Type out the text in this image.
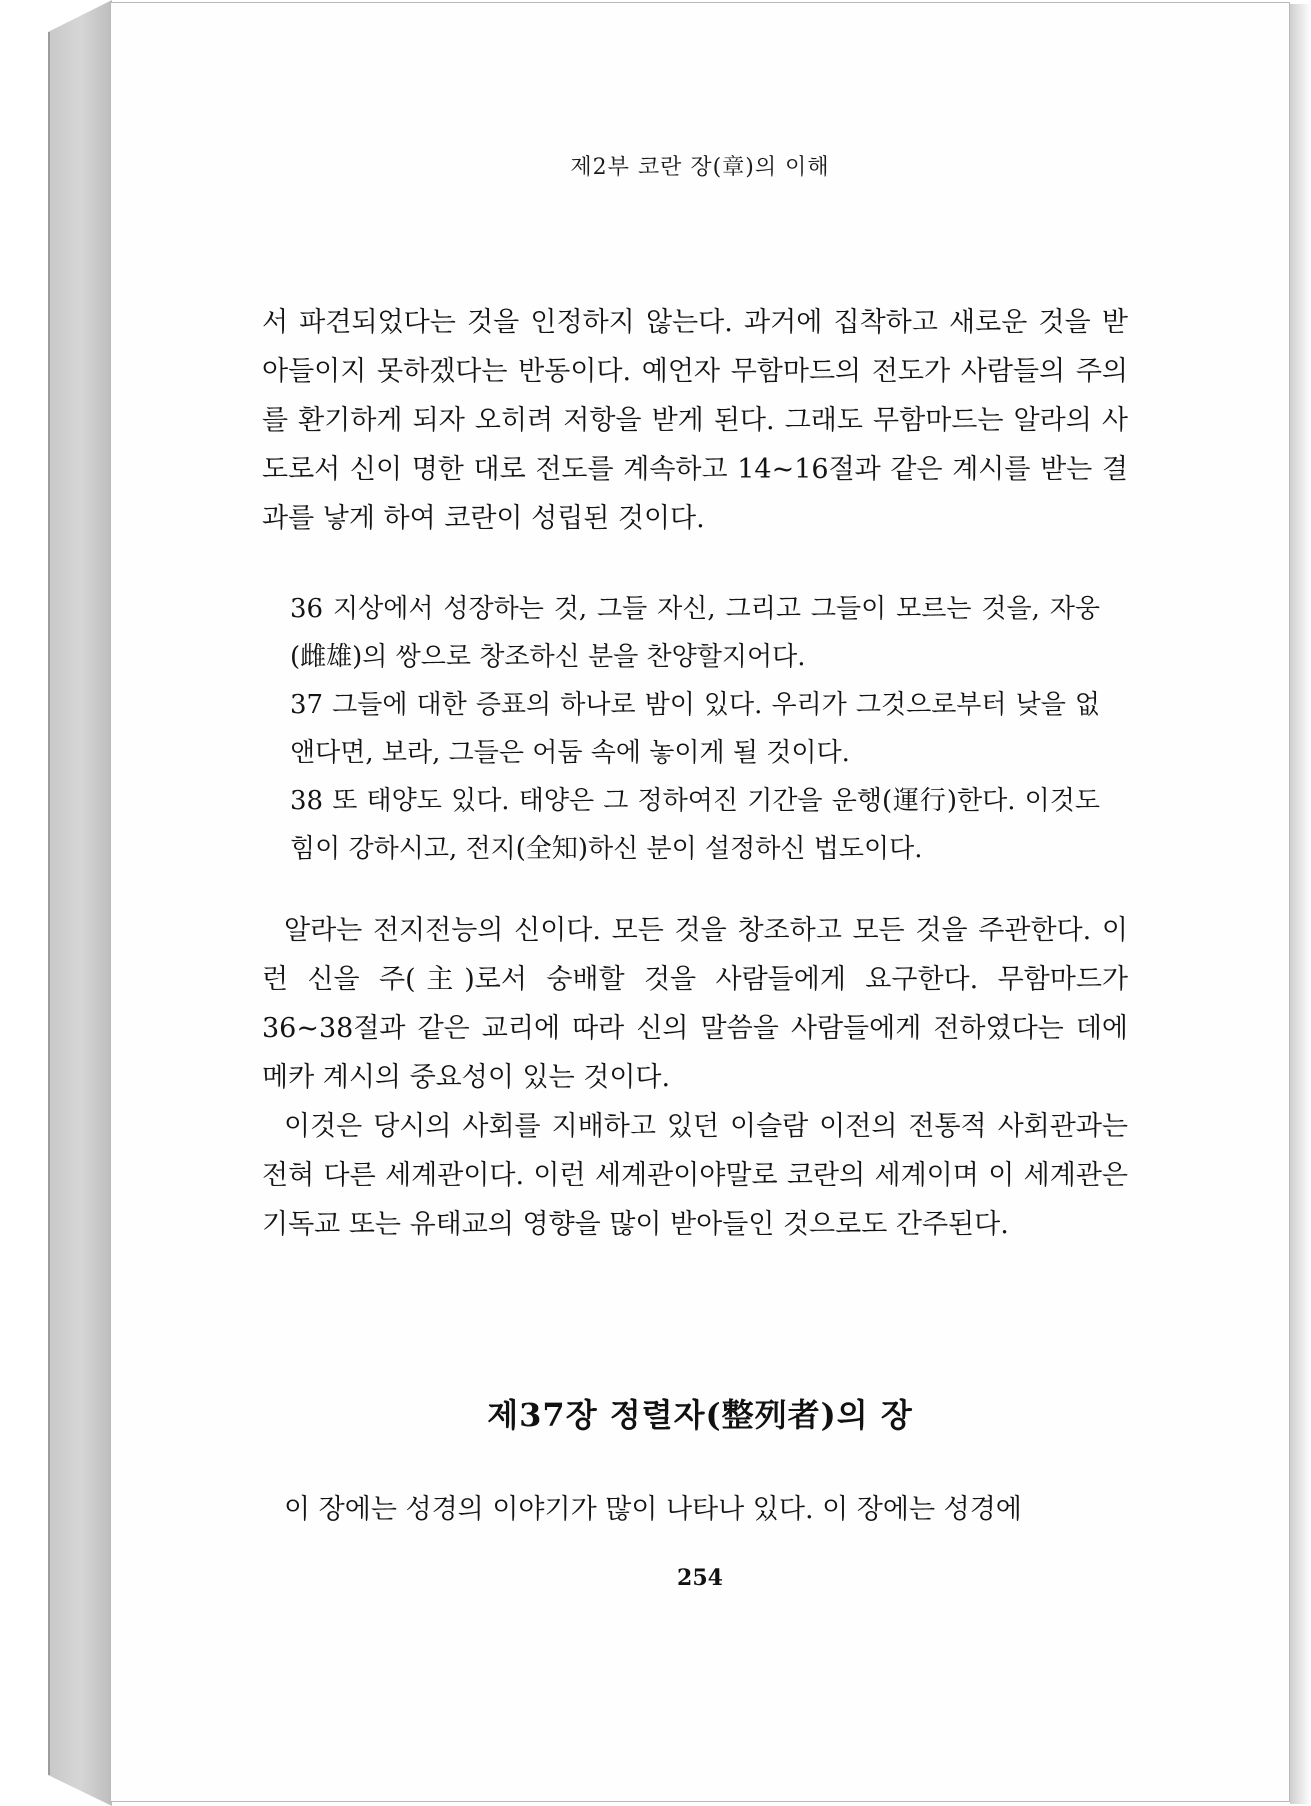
제2부 코란 장(章)의 이해

서 파견되었다는 것을 인정하지 않는다. 과거에 집착하고 새로운 것을 받아들이지 못하겠다는 반동이다. 예언자 무함마드의 전도가 사람들의 주의를 환기하게 되자 오히려 저항을 받게 된다. 그래도 무함마드는 알라의 사도로서 신이 명한 대로 전도를 계속하고 14~16절과 같은 계시를 받는 결과를 낳게 하여 코란이 성립된 것이다.

36 지상에서 성장하는 것, 그들 자신, 그리고 그들이 모르는 것을, 자웅(雌雄)의 쌍으로 창조하신 분을 찬양할지어다.

37 그들에 대한 증표의 하나로 밤이 있다. 우리가 그것으로부터 낮을 없앤다면, 보라, 그들은 어둠 속에 놓이게 될 것이다.

38 또 태양도 있다. 태양은 그 정하여진 기간을 운행(運行)한다. 이것도 힘이 강하시고, 전지(全知)하신 분이 설정하신 법도이다.

알라는 전지전능의 신이다. 모든 것을 창조하고 모든 것을 주관한다. 이런 신을 주(主)로서 숭배할 것을 사람들에게 요구한다. 무함마드가 36~38절과 같은 교리에 따라 신의 말씀을 사람들에게 전하였다는 데에 메카 계시의 중요성이 있는 것이다.

이것은 당시의 사회를 지배하고 있던 이슬람 이전의 전통적 사회관과는 전혀 다른 세계관이다. 이런 세계관이야말로 코란의 세계이며 이 세계관은 기독교 또는 유태교의 영향을 많이 받아들인 것으로도 간주된다.

제37장 정렬자(整列者)의 장

이 장에는 성경의 이야기가 많이 나타나 있다. 이 장에는 성경에

254
